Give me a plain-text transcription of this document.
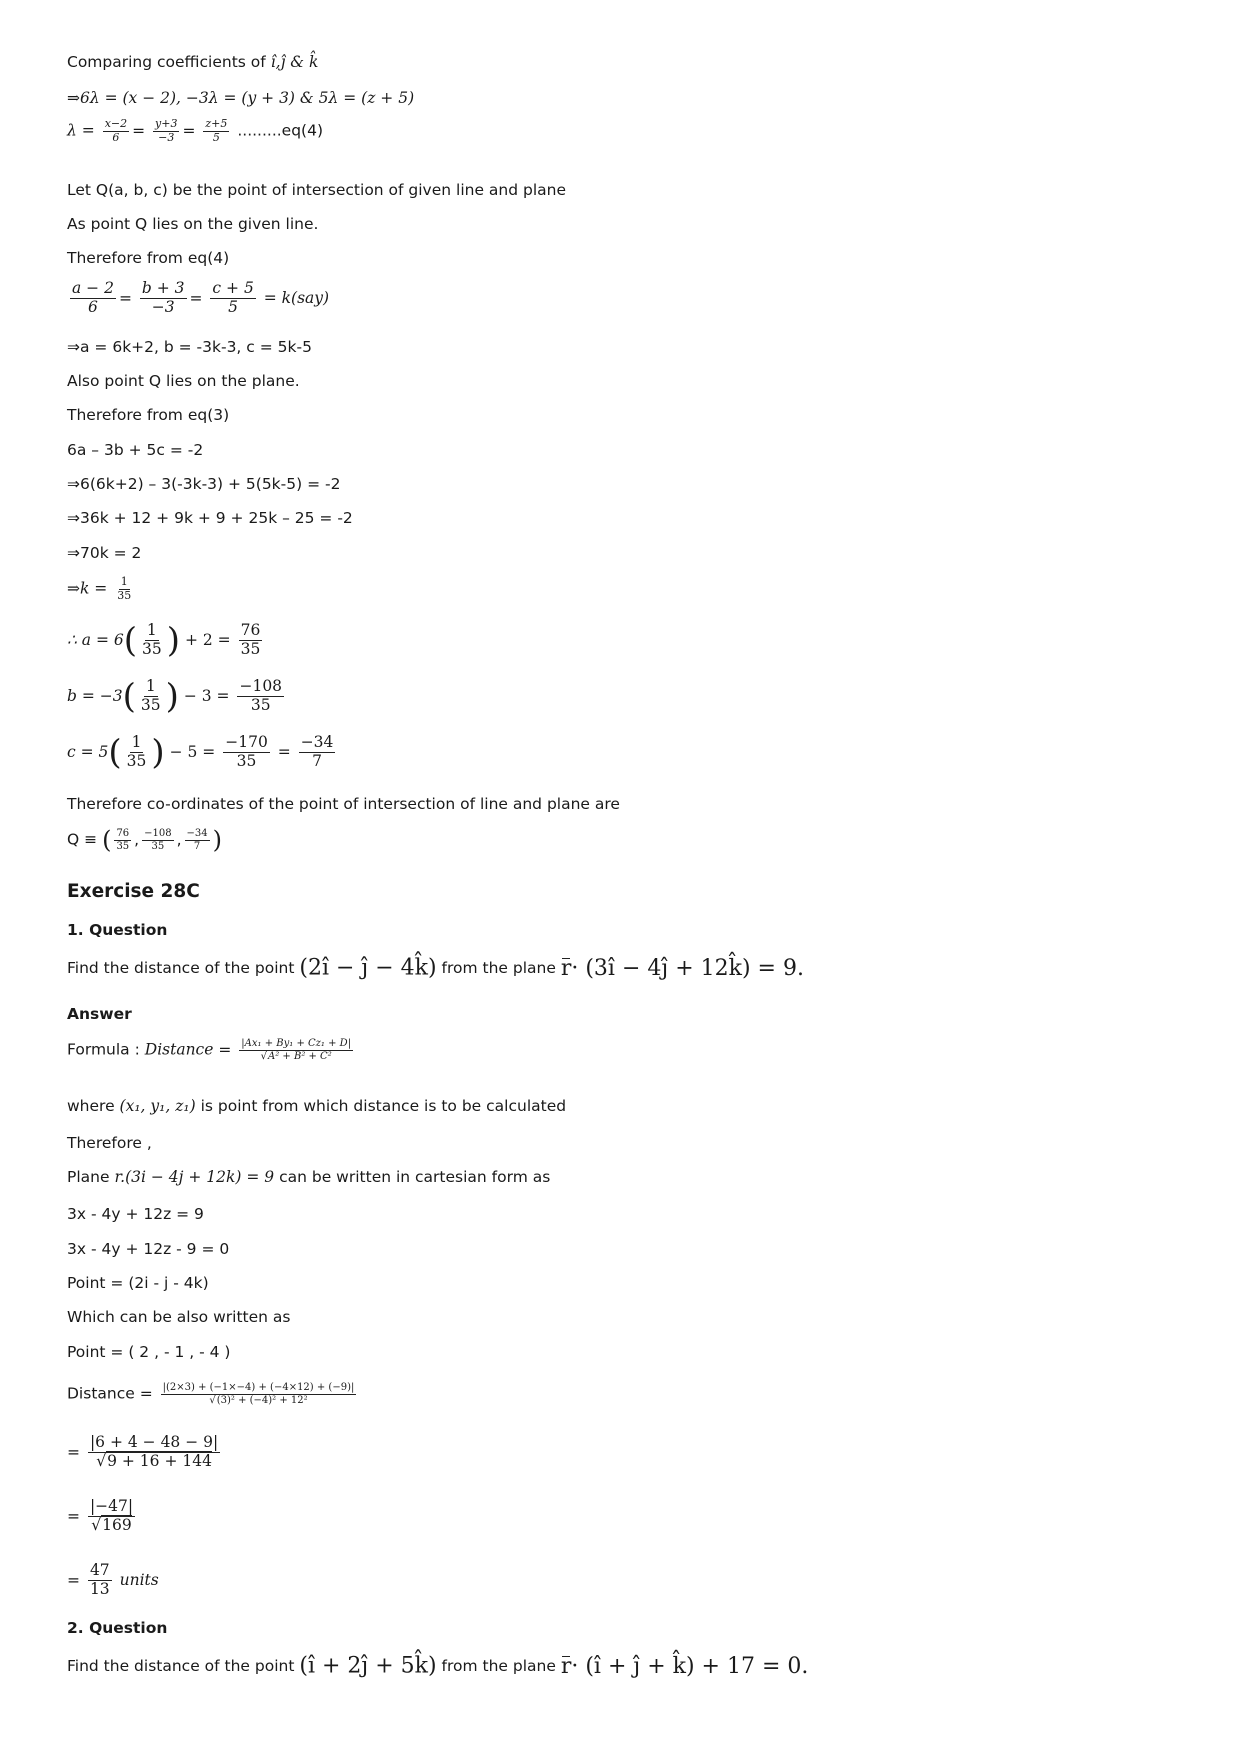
Comparing coefficients of î,ĵ & k̂
⇒6λ = (x − 2), −3λ = (y + 3) & 5λ = (z + 5)
$\lambda = \frac{x-2}{6} = \frac{y+3}{-3} = \frac{z+5}{5} .........eq(4)$
Let Q(a, b, c) be the point of intersection of given line and plane
As point Q lies on the given line.
Therefore from eq(4)
$\frac{a - 2}{6} = \frac{b + 3}{-3} = \frac{c + 5}{5} = k(say)$
⇒a = 6k+2, b = -3k-3, c = 5k-5
Also point Q lies on the plane.
Therefore from eq(3)
6a – 3b + 5c = -2
⇒6(6k+2) – 3(-3k-3) + 5(5k-5) = -2
⇒36k + 12 + 9k + 9 + 25k – 25 = -2
⇒70k = 2
⇒k = $\frac{1}{35}$
∴ $a = 6( \frac{1}{35}$ ) + $2 = \frac{76}{35}$
$b = -3( \frac{1}{35}$ ) − $3 = \frac{-108}{35}$
$c = 5( \frac{1}{35}$ ) − $5 = \frac{-170}{35} = \frac{-34}{7}$
Therefore co-ordinates of the point of intersection of line and plane are
Q ≡ ( $\frac{76}{35}$ , $\frac{-108}{35}$ , $\frac{-34}{7}$ )
Exercise 28C
1. Question
Find the distance of the point (2î − ĵ − 4k̂) from the plane r· (3î − 4ĵ + 12k̂) = 9.
Answer
Formula : Distance = $\frac{\text{|Ax₁ + By₁ + Cz₁ + D|}}{\text{√A² + B² + C²}}$
where (x₁, y₁, z₁) is point from which distance is to be calculated
Therefore ,
Plane r.(3i − 4j + 12k) = 9 can be written in cartesian form as
3x - 4y + 12z = 9
3x - 4y + 12z - 9 = 0
Point = (2i - j - 4k)
Which can be also written as
Point = ( 2 , - 1 , - 4 )
Distance = $\frac{|(2\times 3) + (-1\times-4) + (-4\times 12) + (-9)|}{\text{√(3)² + (−4)² + 12²}}$
= $\frac{|6 + 4 - 48 - 9|}{√9 + 16 + 144}$
= $\frac{|-47|}{√169}$
= $\frac{47}{13}$ units
2. Question
Find the distance of the point (î + 2ĵ + 5k̂) from the plane r· (î + ĵ + k̂) + 17 = 0.
